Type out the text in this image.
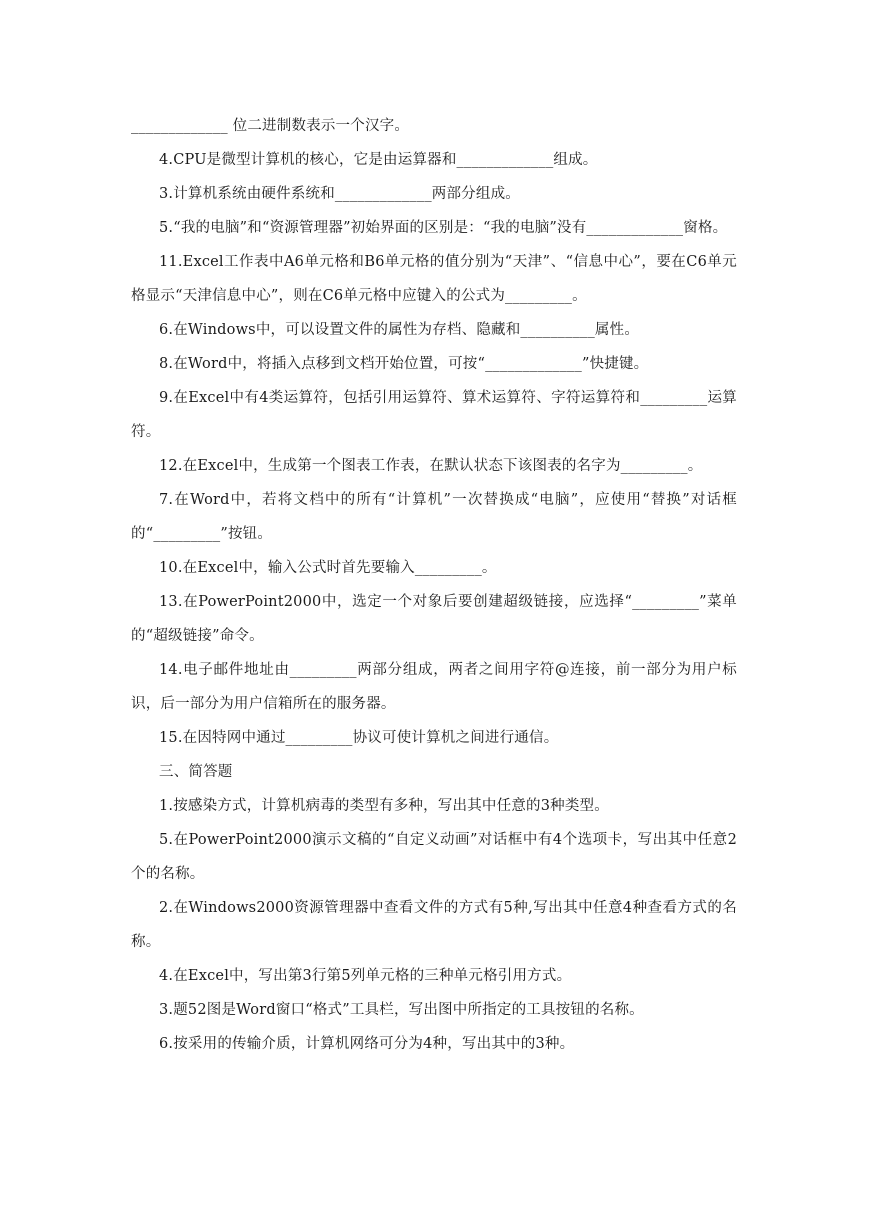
_____________ 位二进制数表示一个汉字。

4.CPU是微型计算机的核心，它是由运算器和_____________组成。

3.计算机系统由硬件系统和_____________两部分组成。

5.“我的电脑”和“资源管理器”初始界面的区别是：“我的电脑”没有_____________窗格。

11.Excel工作表中A6单元格和B6单元格的值分别为“天津”、“信息中心”，要在C6单元格显示“天津信息中心”，则在C6单元格中应键入的公式为_________。

6.在Windows中，可以设置文件的属性为存档、隐藏和__________属性。

8.在Word中，将插入点移到文档开始位置，可按“_____________”快捷键。

9.在Excel中有4类运算符，包括引用运算符、算术运算符、字符运算符和_________运算符。

12.在Excel中，生成第一个图表工作表，在默认状态下该图表的名字为_________。

7.在Word中，若将文档中的所有“计算机”一次替换成“电脑”，应使用“替换”对话框的“_________”按钮。

10.在Excel中，输入公式时首先要输入_________。

13.在PowerPoint2000中，选定一个对象后要创建超级链接，应选择“_________”菜单的“超级链接”命令。

14.电子邮件地址由_________两部分组成，两者之间用字符@连接，前一部分为用户标识，后一部分为用户信箱所在的服务器。

15.在因特网中通过_________协议可使计算机之间进行通信。

三、简答题

1.按感染方式，计算机病毒的类型有多种，写出其中任意的3种类型。

5.在PowerPoint2000演示文稿的“自定义动画”对话框中有4个选项卡，写出其中任意2个的名称。

2.在Windows2000资源管理器中查看文件的方式有5种,写出其中任意4种查看方式的名称。

4.在Excel中，写出第3行第5列单元格的三种单元格引用方式。

3.题52图是Word窗口“格式”工具栏，写出图中所指定的工具按钮的名称。

6.按采用的传输介质，计算机网络可分为4种，写出其中的3种。
